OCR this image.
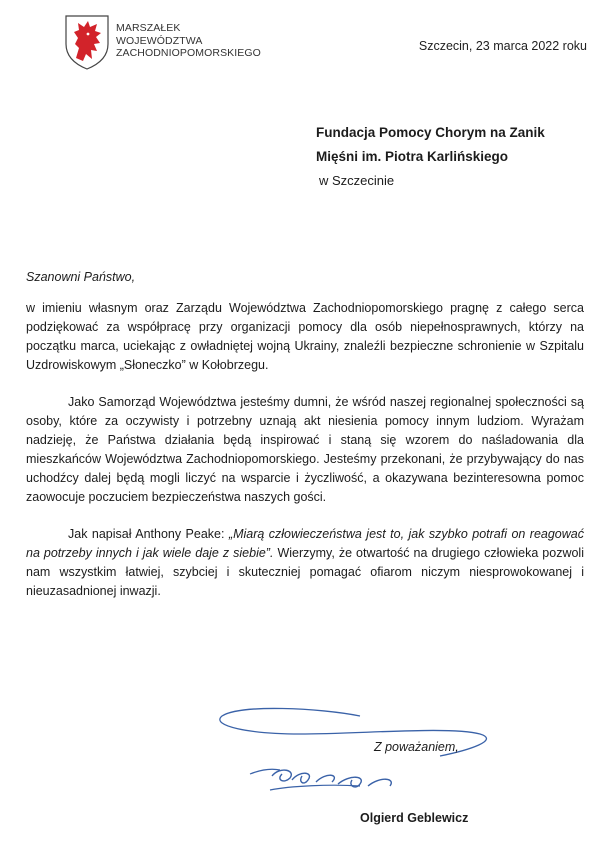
MARSZAŁEK
WOJEWÓDZTWA
ZACHODNIOPOMORSKIEGO	Szczecin, 23 marca 2022 roku
Fundacja Pomocy Chorym na Zanik
Mięśni im. Piotra Karlińskiego
w Szczecinie
Szanowni Państwo,

w imieniu własnym oraz Zarządu Województwa Zachodniopomorskiego pragnę z całego serca podziękować za współpracę przy organizacji pomocy dla osób niepełnosprawnych, którzy na początku marca, uciekając z owładniętej wojną Ukrainy, znaleźli bezpieczne schronienie w Szpitalu Uzdrowiskowym „Słoneczko” w Kołobrzegu.

Jako Samorząd Województwa jesteśmy dumni, że wśród naszej regionalnej społeczności są osoby, które za oczywisty i potrzebny uznają akt niesienia pomocy innym ludziom. Wyrażam nadzieję, że Państwa działania będą inspirować i staną się wzorem do naśladowania dla mieszkańców Województwa Zachodniopomorskiego. Jesteśmy przekonani, że przybywający do nas uchodźcy dalej będą mogli liczyć na wsparcie i życzliwość, a okazywana bezinteresowna pomoc zaowocuje poczuciem bezpieczeństwa naszych gości.

Jak napisał Anthony Peake: „Miarą człowieczeństwa jest to, jak szybko potrafi on reagować na potrzeby innych i jak wiele daje z siebie”. Wierzymy, że otwartość na drugiego człowieka pozwoli nam wszystkim łatwiej, szybciej i skuteczniej pomagać ofiarom niczym niesprowokowanej i nieuzasadnionej inwazji.

Z poważaniem,
Olgierd Geblewicz
